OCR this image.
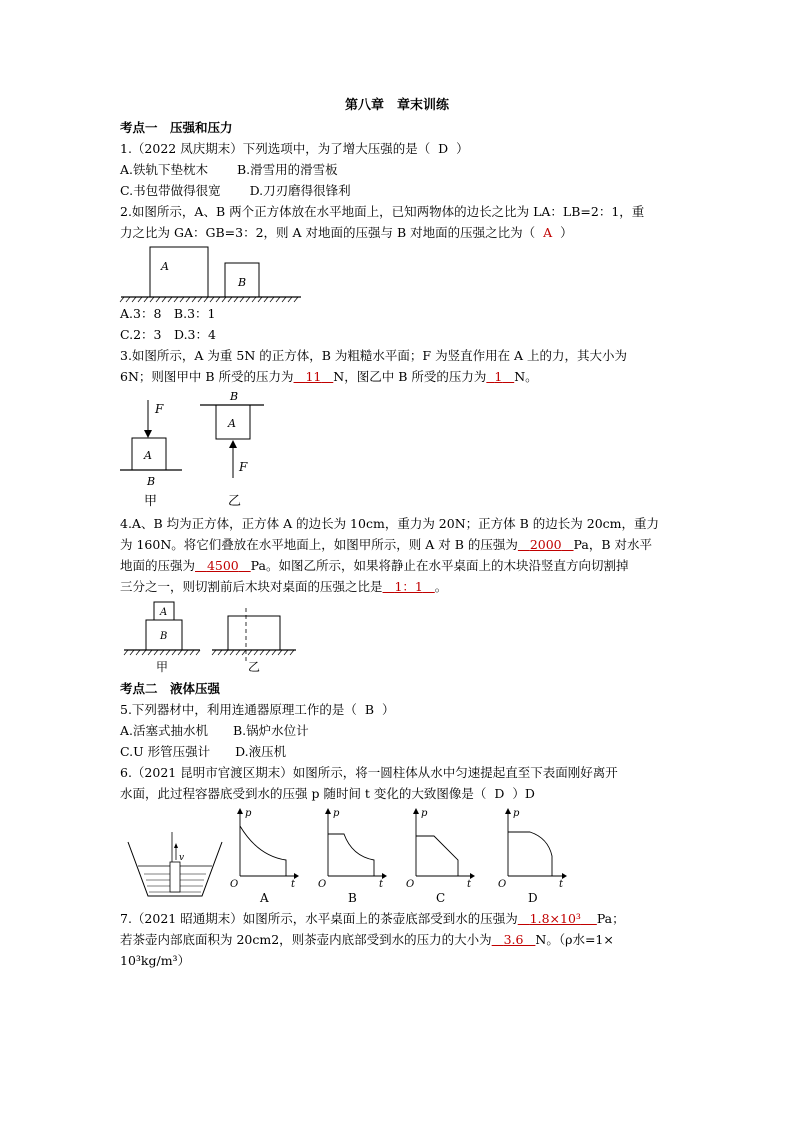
第八章　章末训练
考点一　压强和压力
1.（2022 凤庆期末）下列选项中，为了增大压强的是（ D ）
A.铁轨下垫枕木　　 B.滑雪用的滑雪板
C.书包带做得很宽　　 D.刀刃磨得很锋利
2.如图所示，A、B 两个正方体放在水平地面上，已知两物体的边长之比为 LA：LB=2：1，重
力之比为 GA：GB=3：2，则 A 对地面的压强与 B 对地面的压强之比为（ A ）
A
B
A.3：8　B.3：1
C.2：3　D.3：4
3.如图所示，A 为重 5N 的正方体，B 为粗糙水平面；F 为竖直作用在 A 上的力，其大小为
6N；则图甲中 B 所受的压力为 11 N，图乙中 B 所受的压力为 1 N。
F
A
B
甲
B
A
F
乙
4.A、B 均为正方体，正方体 A 的边长为 10cm，重力为 20N；正方体 B 的边长为 20cm，重力
为 160N。将它们叠放在水平地面上，如图甲所示，则 A 对 B 的压强为 2000 Pa，B 对水平
地面的压强为 4500 Pa。如图乙所示，如果将静止在水平桌面上的木块沿竖直方向切割掉
三分之一，则切割前后木块对桌面的压强之比是 1：1 。
A
B
甲	乙
考点二　液体压强
5.下列器材中，利用连通器原理工作的是（ B ）
A.活塞式抽水机　　B.锅炉水位计
C.U 形管压强计　　D.液压机
6.（2021 昆明市官渡区期末）如图所示，将一圆柱体从水中匀速提起直至下表面刚好离开
水面，此过程容器底受到水的压强 p 随时间 t 变化的大致图像是（ D ）D
v
p
O	t
A
p
O	t
B
p
O	t
C
p
O	t
D
7.（2021 昭通期末）如图所示，水平桌面上的茶壶底部受到水的压强为 1.8×10³ Pa；
若茶壶内部底面积为 20cm2，则茶壶内底部受到水的压力的大小为 3.6 N。（ρ水=1×
10³kg/m³）
